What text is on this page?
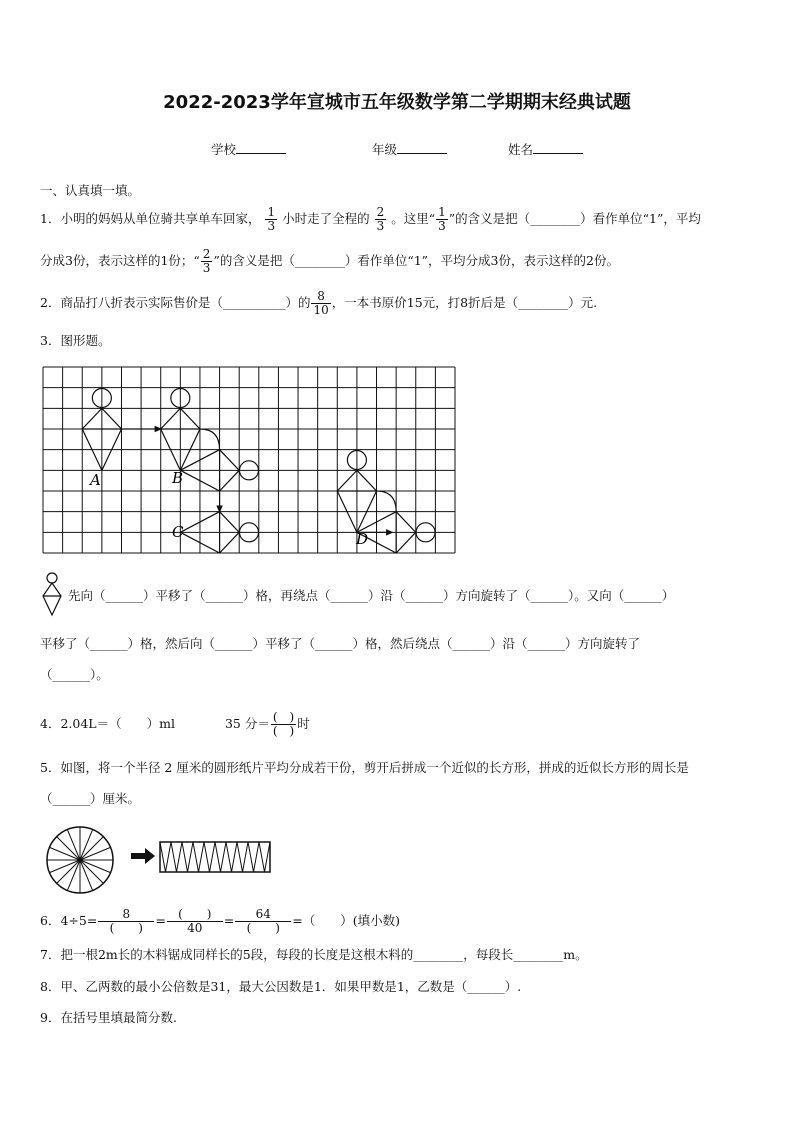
2022-2023学年宣城市五年级数学第二学期期末经典试题
学校	年级	姓名
一、认真填一填。
1．小明的妈妈从单位骑共享单车回家， $\frac{1}{3}$ 小时走了全程的 $\frac{2}{3}$ 。这里“ $\frac{1}{3}$ ”的含义是把（________）看作单位“1”，平均
分成3份，表示这样的1份；“ $\frac{2}{3}$ ”的含义是把（________）看作单位“1”，平均分成3份，表示这样的2份。
2．商品打八折表示实际售价是（__________）的 $\frac{8}{10}$ ，一本书原价15元，打8折后是（________）元.
3．图形题。
A	B
C	D
先向（______）平移了（______）格，再绕点（______）沿（______）方向旋转了（______）。又向（______）
平移了（______）格，然后向（______）平移了（______）格，然后绕点（______）沿（______）方向旋转了
（______）。
4．2.04L＝（　　）ml	35 分＝ $\frac{( )}{( )}$ 时
5．如图，将一个半径 2 厘米的圆形纸片平均分成若干份，剪开后拼成一个近似的长方形，拼成的近似长方形的周长是
（______）厘米。
6．$4\div 5= \frac{8}{( )} = \frac{( )}{40} = \frac{64}{( )}$ =（　　）(填小数)
7．把一根2m长的木料锯成同样长的5段，每段的长度是这根木料的________，每段长________m。
8．甲、乙两数的最小公倍数是31，最大公因数是1．如果甲数是1，乙数是（______）.
9．在括号里填最简分数.
